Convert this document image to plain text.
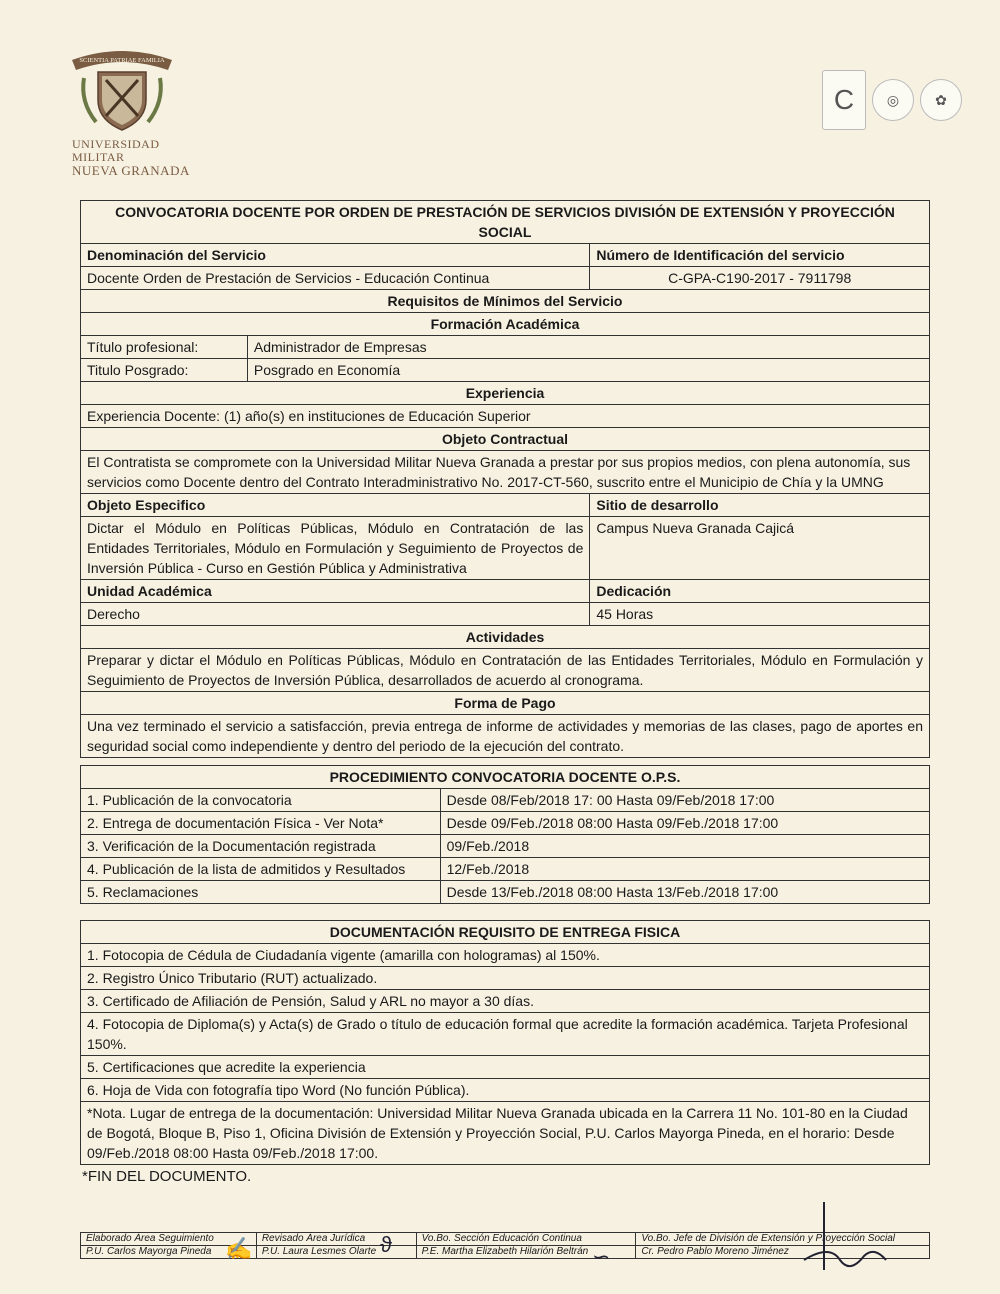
SCIENTIA PATRIAE FAMILIA
UNIVERSIDAD MILITAR
NUEVA GRANADA
C	◎	✿
CONVOCATORIA DOCENTE POR ORDEN DE PRESTACIÓN DE SERVICIOS DIVISIÓN DE EXTENSIÓN Y PROYECCIÓN SOCIAL		
Denominación del Servicio		Número de Identificación del servicio
Docente Orden de Prestación de Servicios - Educación Continua		C-GPA-C190-2017 - 7911798
Requisitos de Mínimos del Servicio		
Formación Académica		
Título profesional:	Administrador de Empresas	
Titulo Posgrado:	Posgrado en Economía	
Experiencia		
Experiencia Docente: (1) año(s) en instituciones de Educación Superior		
Objeto Contractual		
El Contratista se compromete con la Universidad Militar Nueva Granada a prestar por sus propios medios, con plena autonomía, sus servicios como Docente dentro del Contrato Interadministrativo No. 2017-CT-560, suscrito entre el Municipio de Chía y la UMNG		
Objeto Especifico		Sitio de desarrollo
Dictar el Módulo en Políticas Públicas, Módulo en Contratación de las Entidades Territoriales, Módulo en Formulación y Seguimiento de Proyectos de Inversión Pública - Curso en Gestión Pública y Administrativa		Campus Nueva Granada Cajicá
Unidad Académica		Dedicación
Derecho		45 Horas
Actividades		
Preparar y dictar el Módulo en Políticas Públicas, Módulo en Contratación de las Entidades Territoriales, Módulo en Formulación y Seguimiento de Proyectos de Inversión Pública, desarrollados de acuerdo al cronograma.		
Forma de Pago		
Una vez terminado el servicio a satisfacción, previa entrega de informe de actividades y memorias de las clases, pago de aportes en seguridad social como independiente y dentro del periodo de la ejecución del contrato.		
PROCEDIMIENTO CONVOCATORIA DOCENTE O.P.S.	
1. Publicación de la convocatoria	Desde 08/Feb/2018 17: 00 Hasta 09/Feb/2018 17:00
2. Entrega de documentación Física - Ver Nota*	Desde 09/Feb./2018 08:00 Hasta 09/Feb./2018 17:00
3. Verificación de la Documentación registrada	09/Feb./2018
4. Publicación de la lista de admitidos y Resultados	12/Feb./2018
5. Reclamaciones	Desde 13/Feb./2018 08:00 Hasta 13/Feb./2018 17:00
DOCUMENTACIÓN REQUISITO DE ENTREGA FISICA
1. Fotocopia de Cédula de Ciudadanía vigente (amarilla con hologramas) al 150%.
2. Registro Único Tributario (RUT) actualizado.
3. Certificado de Afiliación de Pensión, Salud y ARL no mayor a 30 días.
4. Fotocopia de Diploma(s) y Acta(s) de Grado o título de educación formal que acredite la formación académica. Tarjeta Profesional 150%.
5. Certificaciones que acredite la experiencia
6. Hoja de Vida con fotografía tipo Word (No función Pública).
*Nota. Lugar de entrega de la documentación: Universidad Militar Nueva Granada ubicada en la Carrera 11 No. 101-80 en la Ciudad de Bogotá, Bloque B, Piso 1, Oficina División de Extensión y Proyección Social, P.U. Carlos Mayorga Pineda, en el horario: Desde 09/Feb./2018 08:00 Hasta 09/Feb./2018 17:00.
*FIN DEL DOCUMENTO.
Elaborado Área Seguimiento	Revisado Área Jurídica	Vo.Bo. Sección Educación Continua	Vo.Bo. Jefe de División de Extensión y Proyección Social
P.U. Carlos Mayorga Pineda	P.U. Laura Lesmes Olarte	P.E. Martha Elizabeth Hilarión Beltrán	Cr. Pedro Pablo Moreno Jiménez
✍	ϑ	∽
